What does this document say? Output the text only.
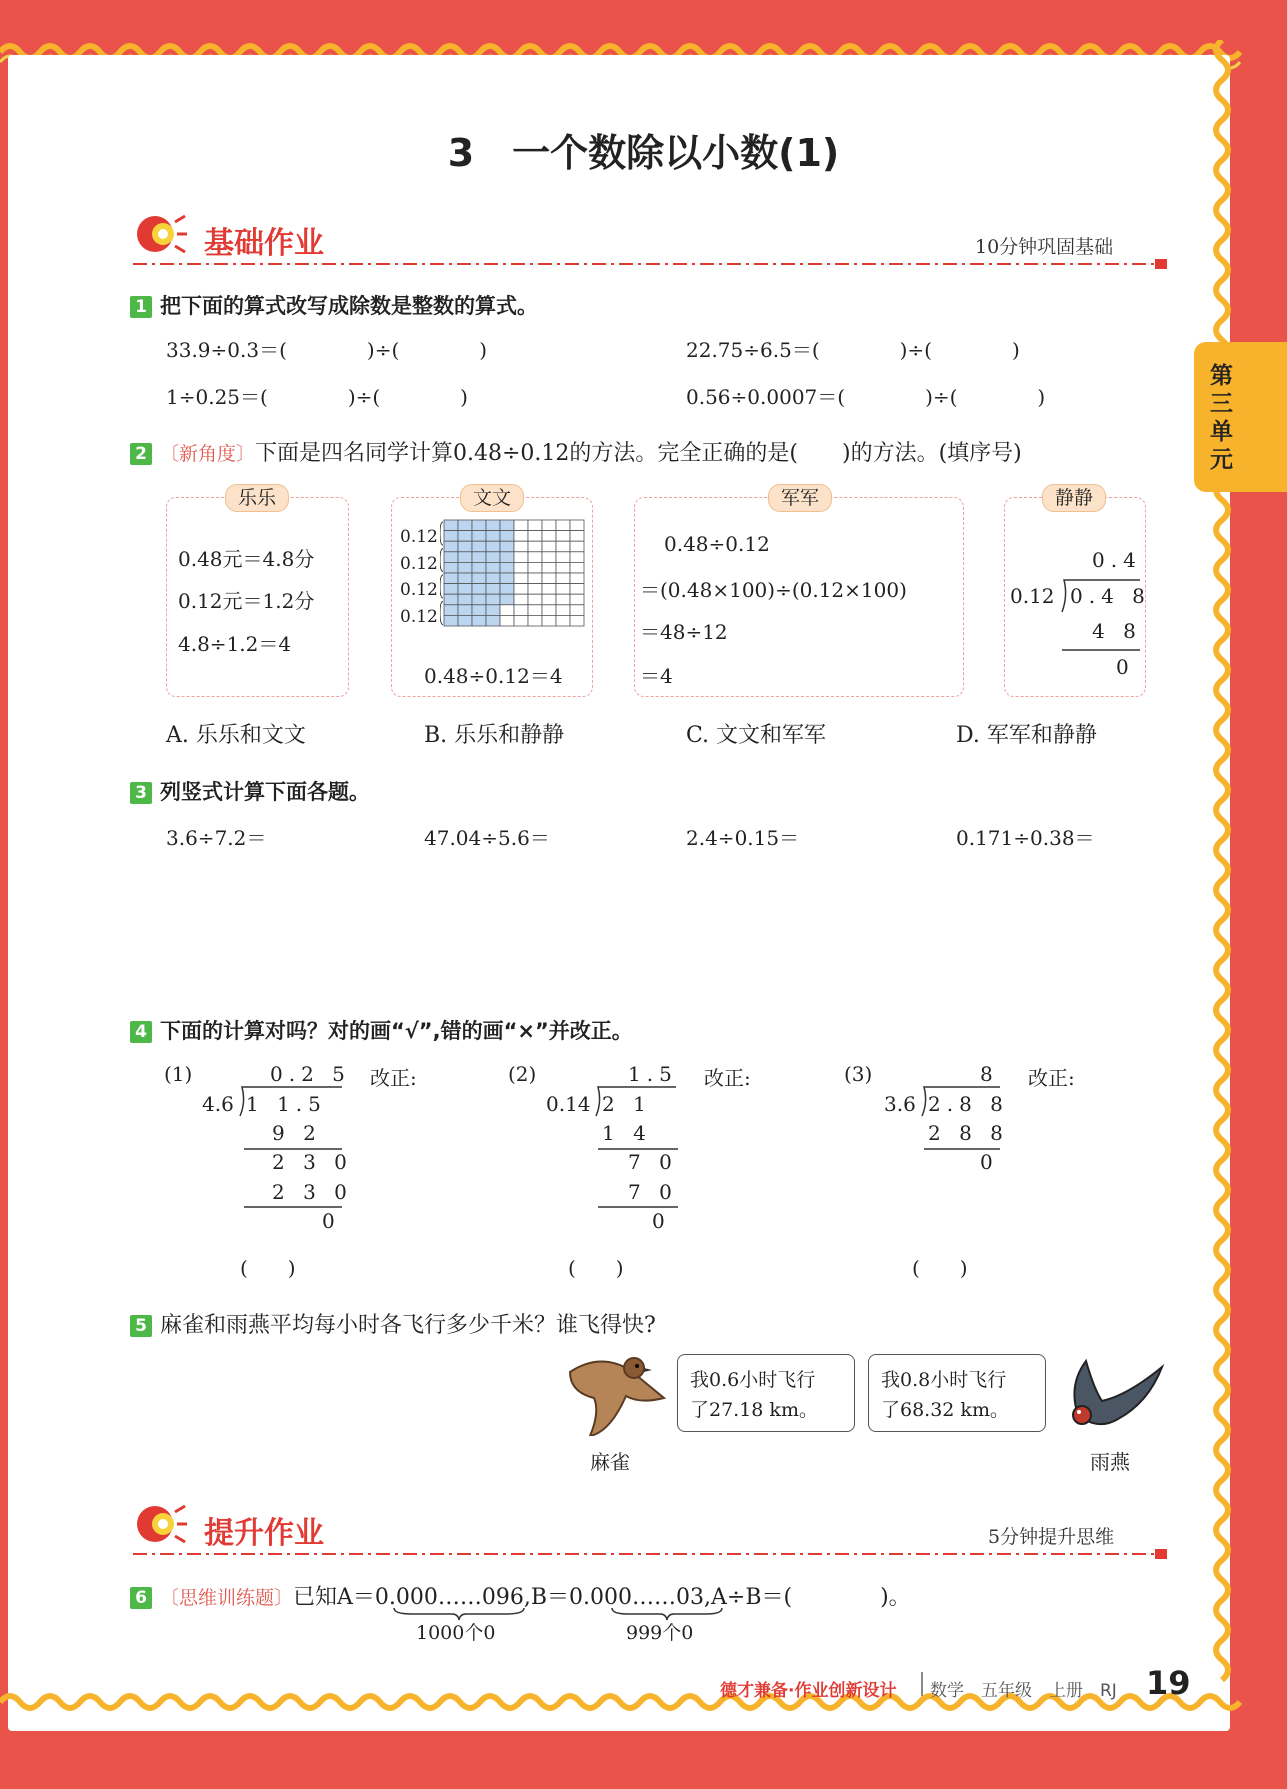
第三单元
3　一个数除以小数(1)
基础作业	10分钟巩固基础
1 把下面的算式改写成除数是整数的算式。
33.9÷0.3＝(　　　　)÷(　　　　)	22.75÷6.5＝(　　　　)÷(　　　　)
1÷0.25＝(　　　　)÷(　　　　)	0.56÷0.0007＝(　　　　)÷(　　　　)
2 〔新角度〕下面是四名同学计算0.48÷0.12的方法。完全正确的是(　　)的方法。(填序号)
乐乐
0.48元＝4.8分
0.12元＝1.2分
4.8÷1.2＝4
文文
0.12
0.12
0.12
0.12
0.48÷0.12＝4
军军
0.48÷0.12
＝(0.48×100)÷(0.12×100)
＝48÷12
＝4
静静
0.4
0.12 0.4 8
4 8
0
A. 乐乐和文文	B. 乐乐和静静	C. 文文和军军	D. 军军和静静
3 列竖式计算下面各题。
3.6÷7.2＝	47.04÷5.6＝	2.4÷0.15＝	0.171÷0.38＝
4 下面的计算对吗？对的画“√”,错的画“×”并改正。
(1)	0.2 5
4.6 1 1.5
9 2
2 3 0
2 3 0
0
改正:
(　　)
(2)	1.5
0.14 2 1
1 4
7 0
7 0
0
改正:
(　　)
(3)	8
3.6 2.8 8
2 8 8
0
改正:
(　　)
5 麻雀和雨燕平均每小时各飞行多少千米？谁飞得快?
麻雀
我0.6小时飞行
了27.18 km。
我0.8小时飞行
了68.32 km。
雨燕
提升作业	5分钟提升思维
6 〔思维训练题〕已知A＝0.000……096,B＝0.000……03,A÷B＝(　　　　)。
1000个0	999个0
德才兼备·作业创新设计 数学　五年级　上册　RJ 19
